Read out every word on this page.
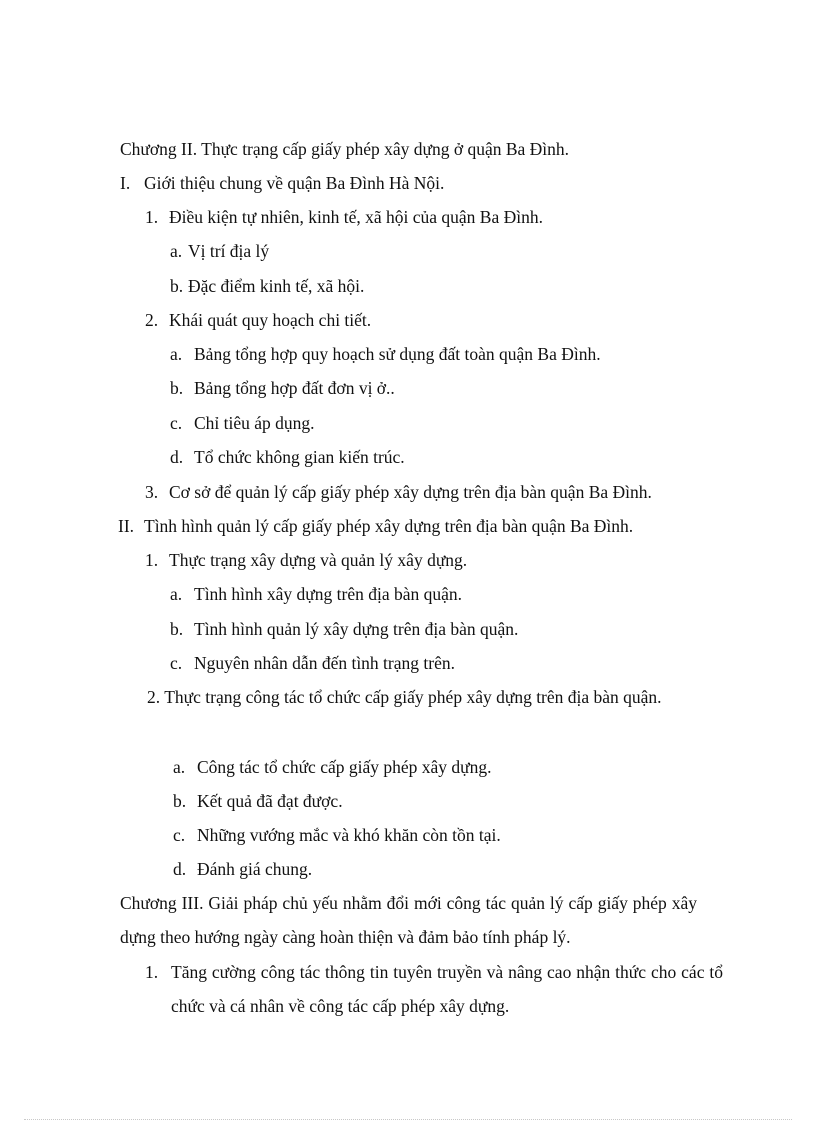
Chương II. Thực trạng cấp giấy phép xây dựng ở quận Ba Đình.
I. Giới thiệu chung về quận Ba Đình Hà Nội.
1. Điều kiện tự nhiên, kinh tế, xã hội của quận Ba Đình.
a. Vị trí địa lý
b. Đặc điểm kinh tế, xã hội.
2. Khái quát quy hoạch chi tiết.
a. Bảng tổng hợp quy hoạch sử dụng đất toàn quận Ba Đình.
b. Bảng tổng hợp đất đơn vị ở..
c. Chỉ tiêu áp dụng.
d. Tổ chức không gian kiến trúc.
3. Cơ sở để quản lý cấp giấy phép xây dựng trên địa bàn quận Ba Đình.
II. Tình hình quản lý cấp giấy phép xây dựng trên địa bàn quận Ba Đình.
1. Thực trạng xây dựng và quản lý xây dựng.
a. Tình hình xây dựng trên địa bàn quận.
b. Tình hình quản lý xây dựng trên địa bàn quận.
c. Nguyên nhân dẫn đến tình trạng trên.
2. Thực trạng công tác tổ chức cấp giấy phép xây dựng trên địa bàn quận.
a. Công tác tổ chức cấp giấy phép xây dựng.
b. Kết quả đã đạt được.
c. Những vướng mắc và khó khăn còn tồn tại.
d. Đánh giá chung.
Chương III. Giải pháp chủ yếu nhằm đổi mới công tác quản lý cấp giấy phép xây dựng theo hướng ngày càng hoàn thiện và đảm bảo tính pháp lý.
1. Tăng cường công tác thông tin tuyên truyền và nâng cao nhận thức cho các tổ chức và cá nhân về công tác cấp phép xây dựng.
